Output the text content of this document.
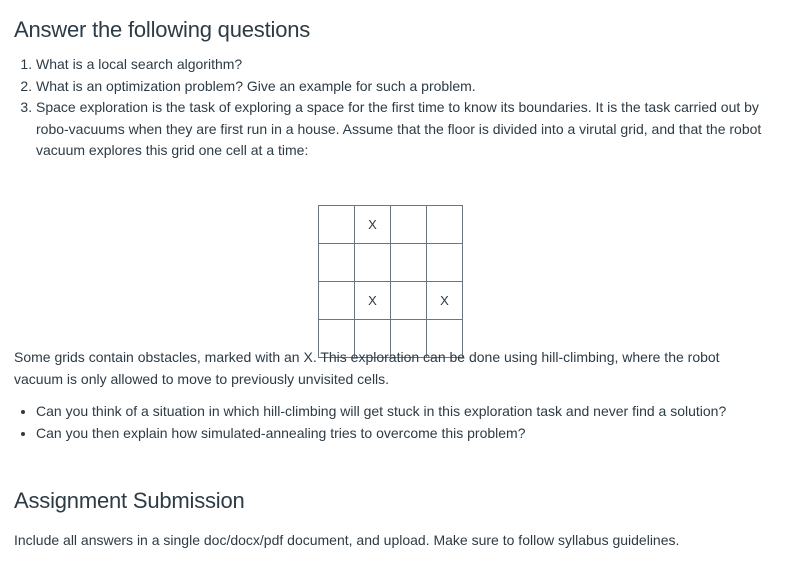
Answer the following questions
1. What is a local search algorithm?
2. What is an optimization problem? Give an example for such a problem.
3. Space exploration is the task of exploring a space for the first time to know its boundaries. It is the task carried out by robo-vacuums when they are first run in a house. Assume that the floor is divided into a virutal grid, and that the robot vacuum explores this grid one cell at a time:
	X		

	X		X

Some grids contain obstacles, marked with an X. This exploration can be done using hill-climbing, where the robot vacuum is only allowed to move to previously unvisited cells.

• Can you think of a situation in which hill-climbing will get stuck in this exploration task and never find a solution?
• Can you then explain how simulated-annealing tries to overcome this problem?
Assignment Submission

Include all answers in a single doc/docx/pdf document, and upload. Make sure to follow syllabus guidelines.
